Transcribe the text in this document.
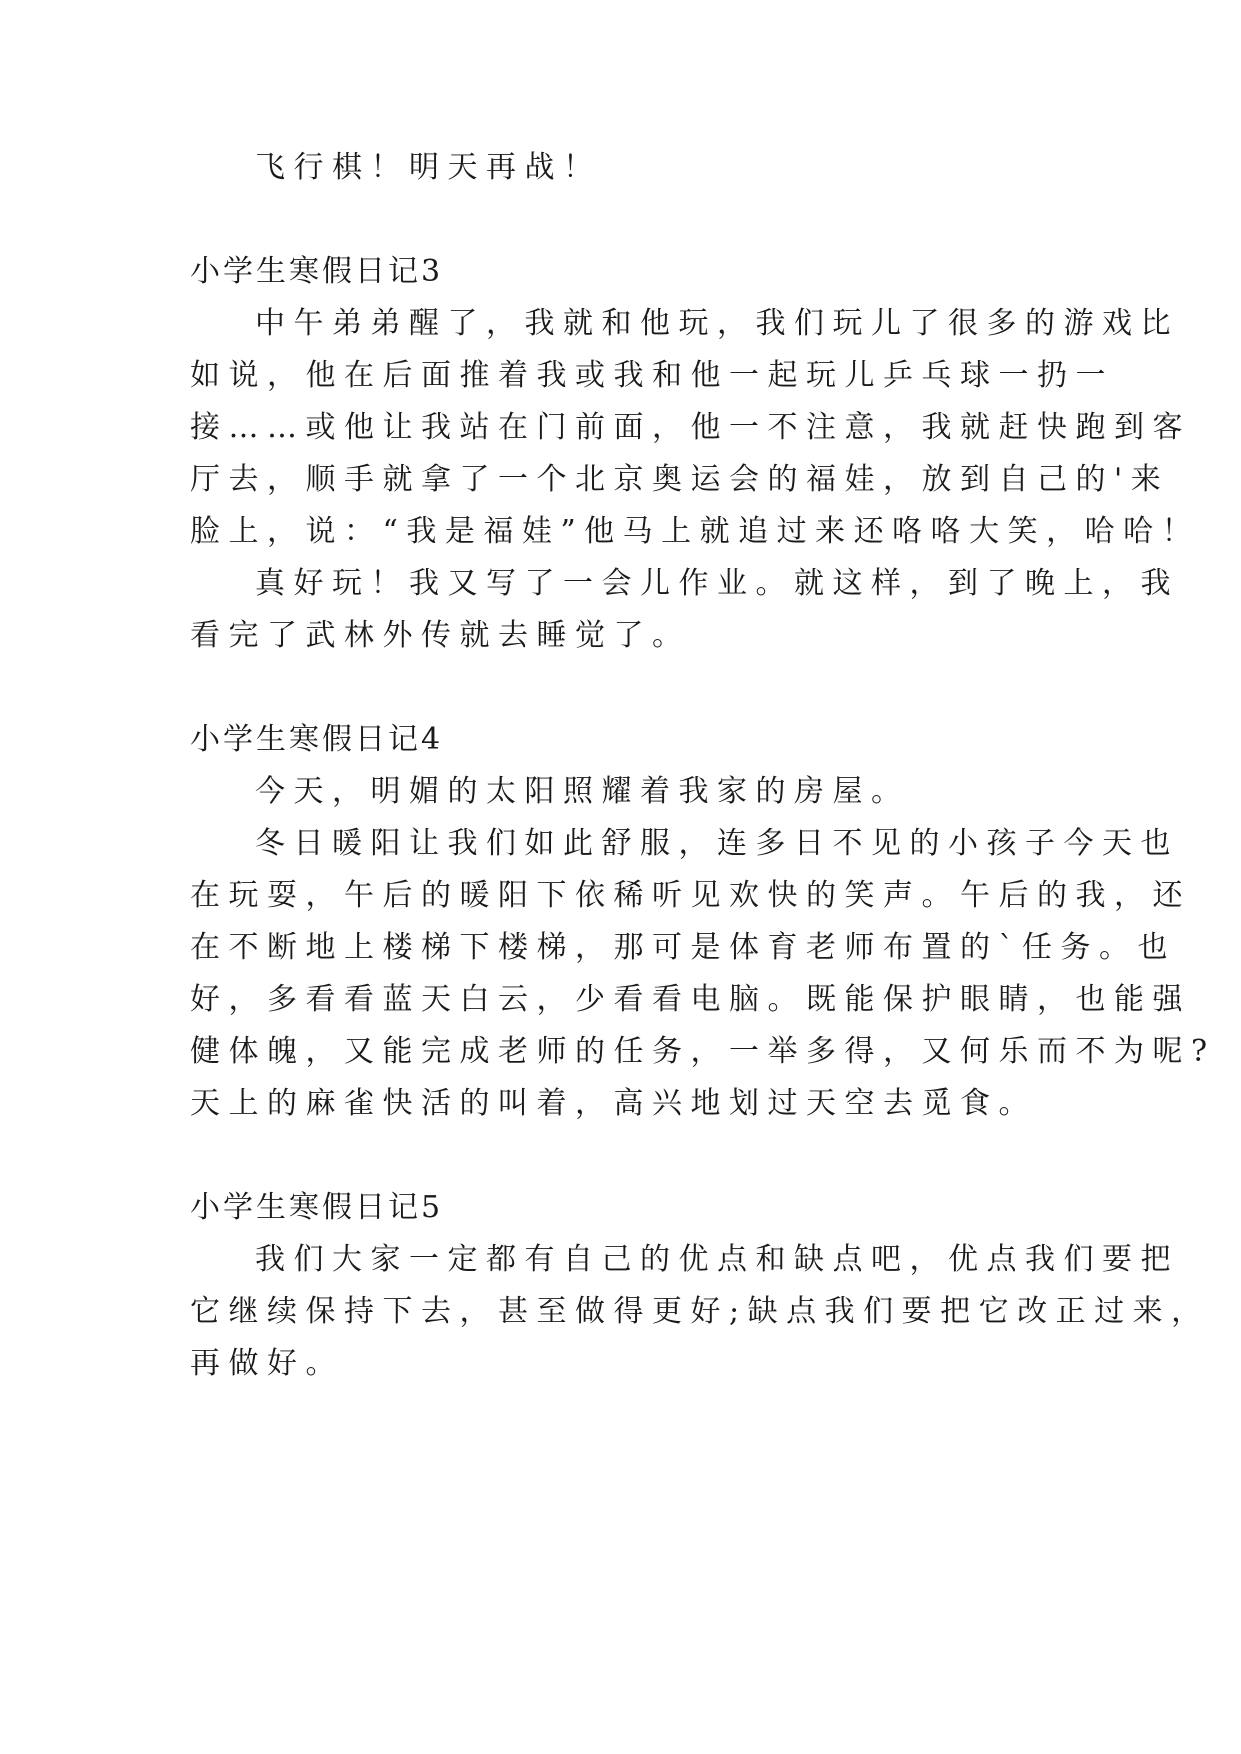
飞行棋！明天再战！
小学生寒假日记3
中午弟弟醒了，我就和他玩，我们玩儿了很多的游戏比
如说，他在后面推着我或我和他一起玩儿乒乓球一扔一
接……或他让我站在门前面，他一不注意，我就赶快跑到客
厅去，顺手就拿了一个北京奥运会的福娃，放到自己的'来
脸上，说：“我是福娃”他马上就追过来还咯咯大笑，哈哈！
真好玩！我又写了一会儿作业。就这样，到了晚上，我
看完了武林外传就去睡觉了。
小学生寒假日记4
今天，明媚的太阳照耀着我家的房屋。
冬日暖阳让我们如此舒服，连多日不见的小孩子今天也
在玩耍，午后的暖阳下依稀听见欢快的笑声。午后的我，还
在不断地上楼梯下楼梯，那可是体育老师布置的`任务。也
好，多看看蓝天白云，少看看电脑。既能保护眼睛，也能强
健体魄，又能完成老师的任务，一举多得，又何乐而不为呢?
天上的麻雀快活的叫着，高兴地划过天空去觅食。
小学生寒假日记5
我们大家一定都有自己的优点和缺点吧，优点我们要把
它继续保持下去，甚至做得更好;缺点我们要把它改正过来，
再做好。
